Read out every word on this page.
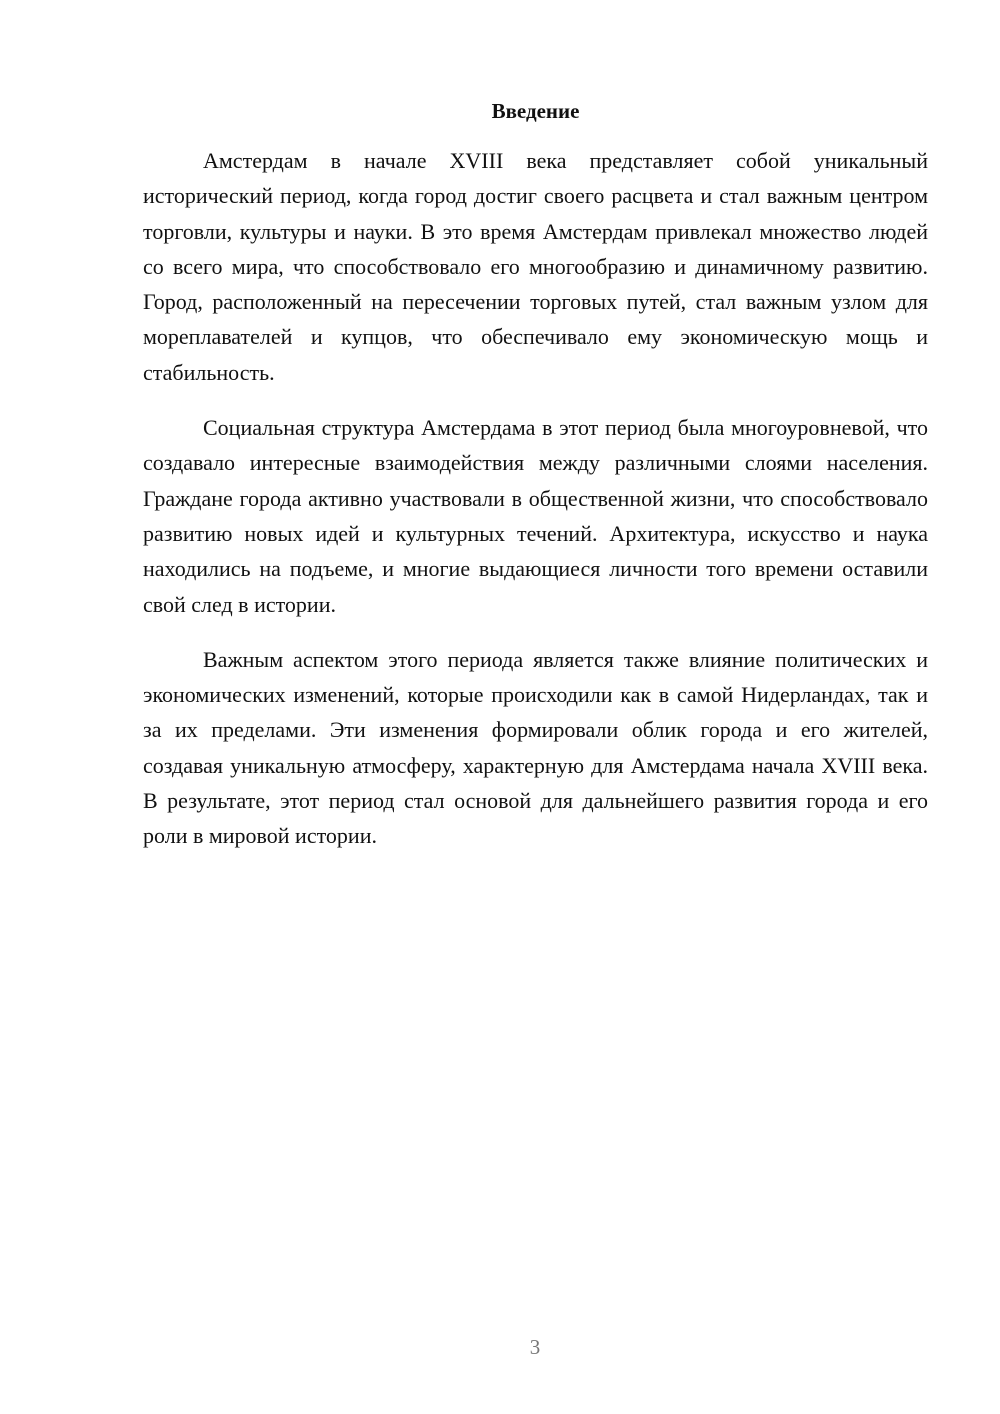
Введение

Амстердам в начале XVIII века представляет собой уникальный исторический период, когда город достиг своего расцвета и стал важным центром торговли, культуры и науки. В это время Амстердам привлекал множество людей со всего мира, что способствовало его многообразию и динамичному развитию. Город, расположенный на пересечении торговых путей, стал важным узлом для мореплавателей и купцов, что обеспечивало ему экономическую мощь и стабильность.

Социальная структура Амстердама в этот период была многоуровневой, что создавало интересные взаимодействия между различными слоями населения. Граждане города активно участвовали в общественной жизни, что способствовало развитию новых идей и культурных течений. Архитектура, искусство и наука находились на подъеме, и многие выдающиеся личности того времени оставили свой след в истории.

Важным аспектом этого периода является также влияние политических и экономических изменений, которые происходили как в самой Нидерландах, так и за их пределами. Эти изменения формировали облик города и его жителей, создавая уникальную атмосферу, характерную для Амстердама начала XVIII века. В результате, этот период стал основой для дальнейшего развития города и его роли в мировой истории.

3
